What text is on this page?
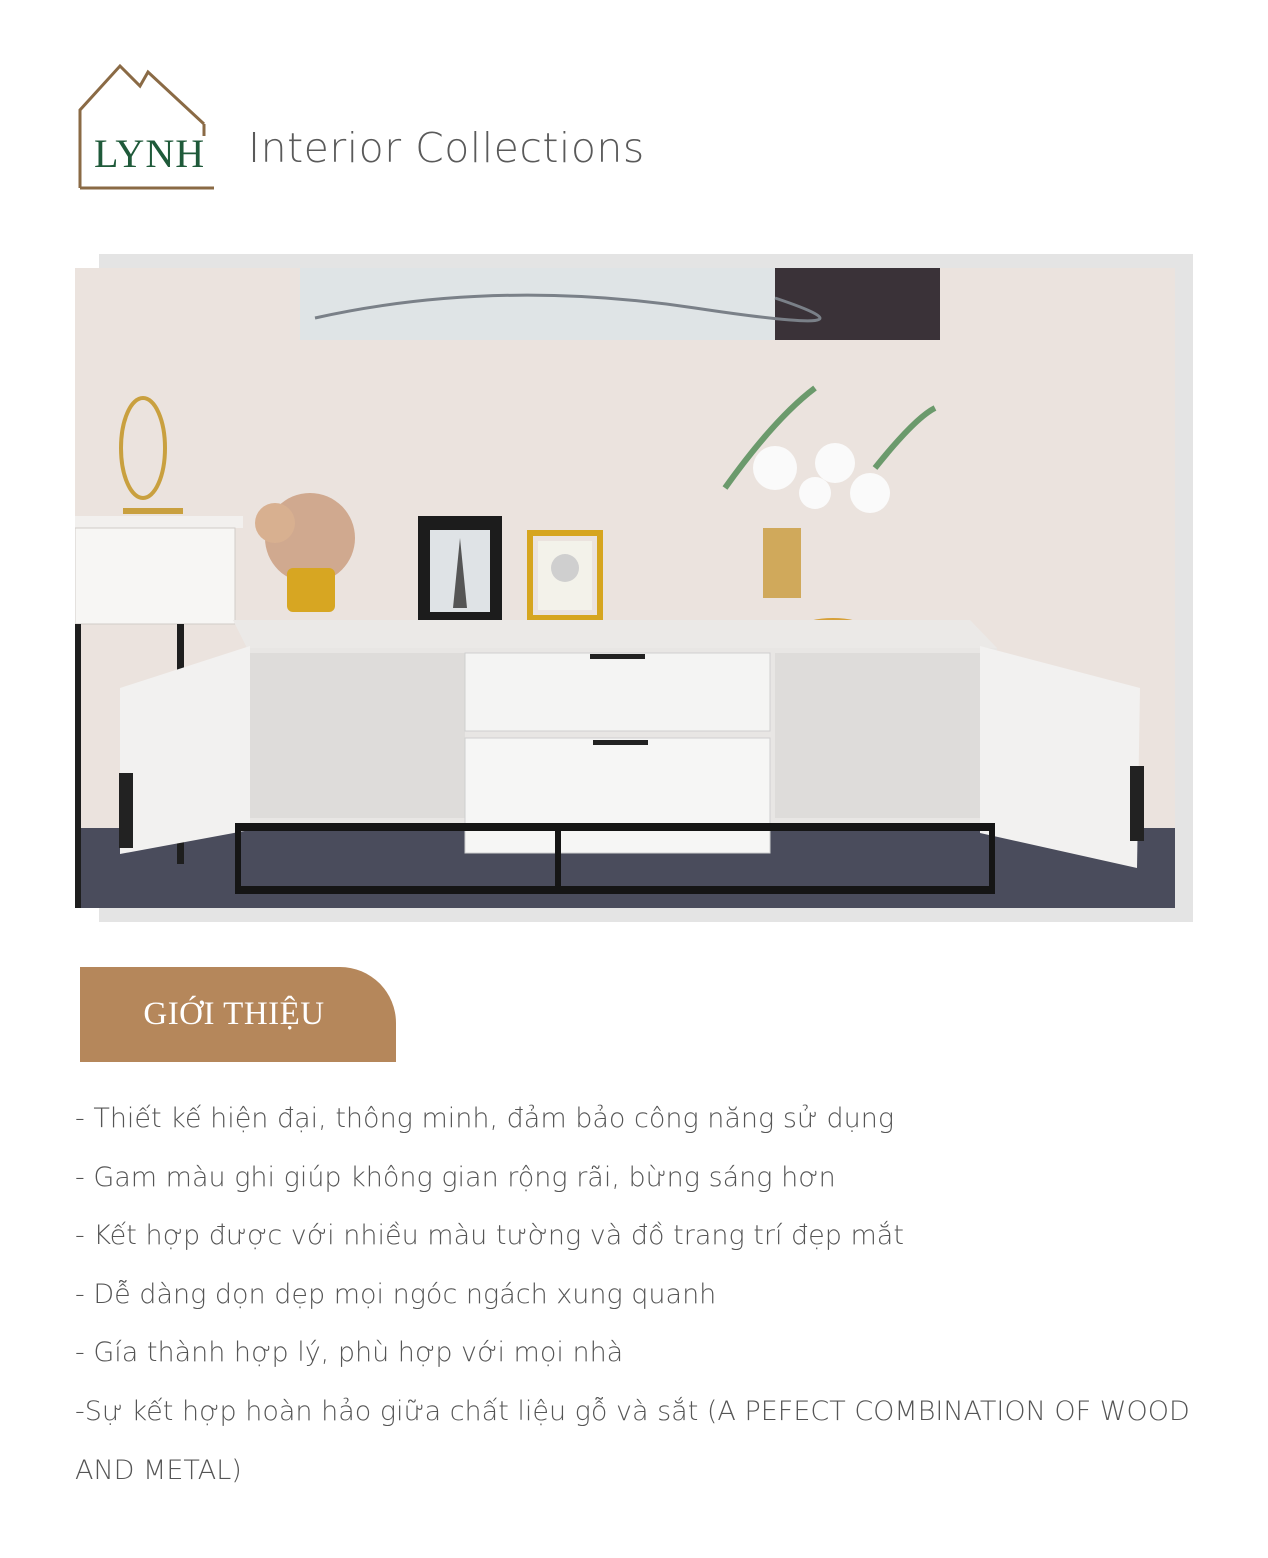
LYNH Interior Collections
GIỚI THIỆU
- Thiết kế hiện đại, thông minh, đảm bảo công năng sử dụng
- Gam màu ghi giúp không gian rộng rãi, bừng sáng hơn
- Kết hợp được với nhiều màu tường và đồ trang trí đẹp mắt
- Dễ dàng dọn dẹp mọi ngóc ngách xung quanh
- Gía thành hợp lý, phù hợp với mọi nhà
-Sự kết hợp hoàn hảo giữa chất liệu gỗ và sắt (A PEFECT COMBINATION OF WOOD AND METAL)
